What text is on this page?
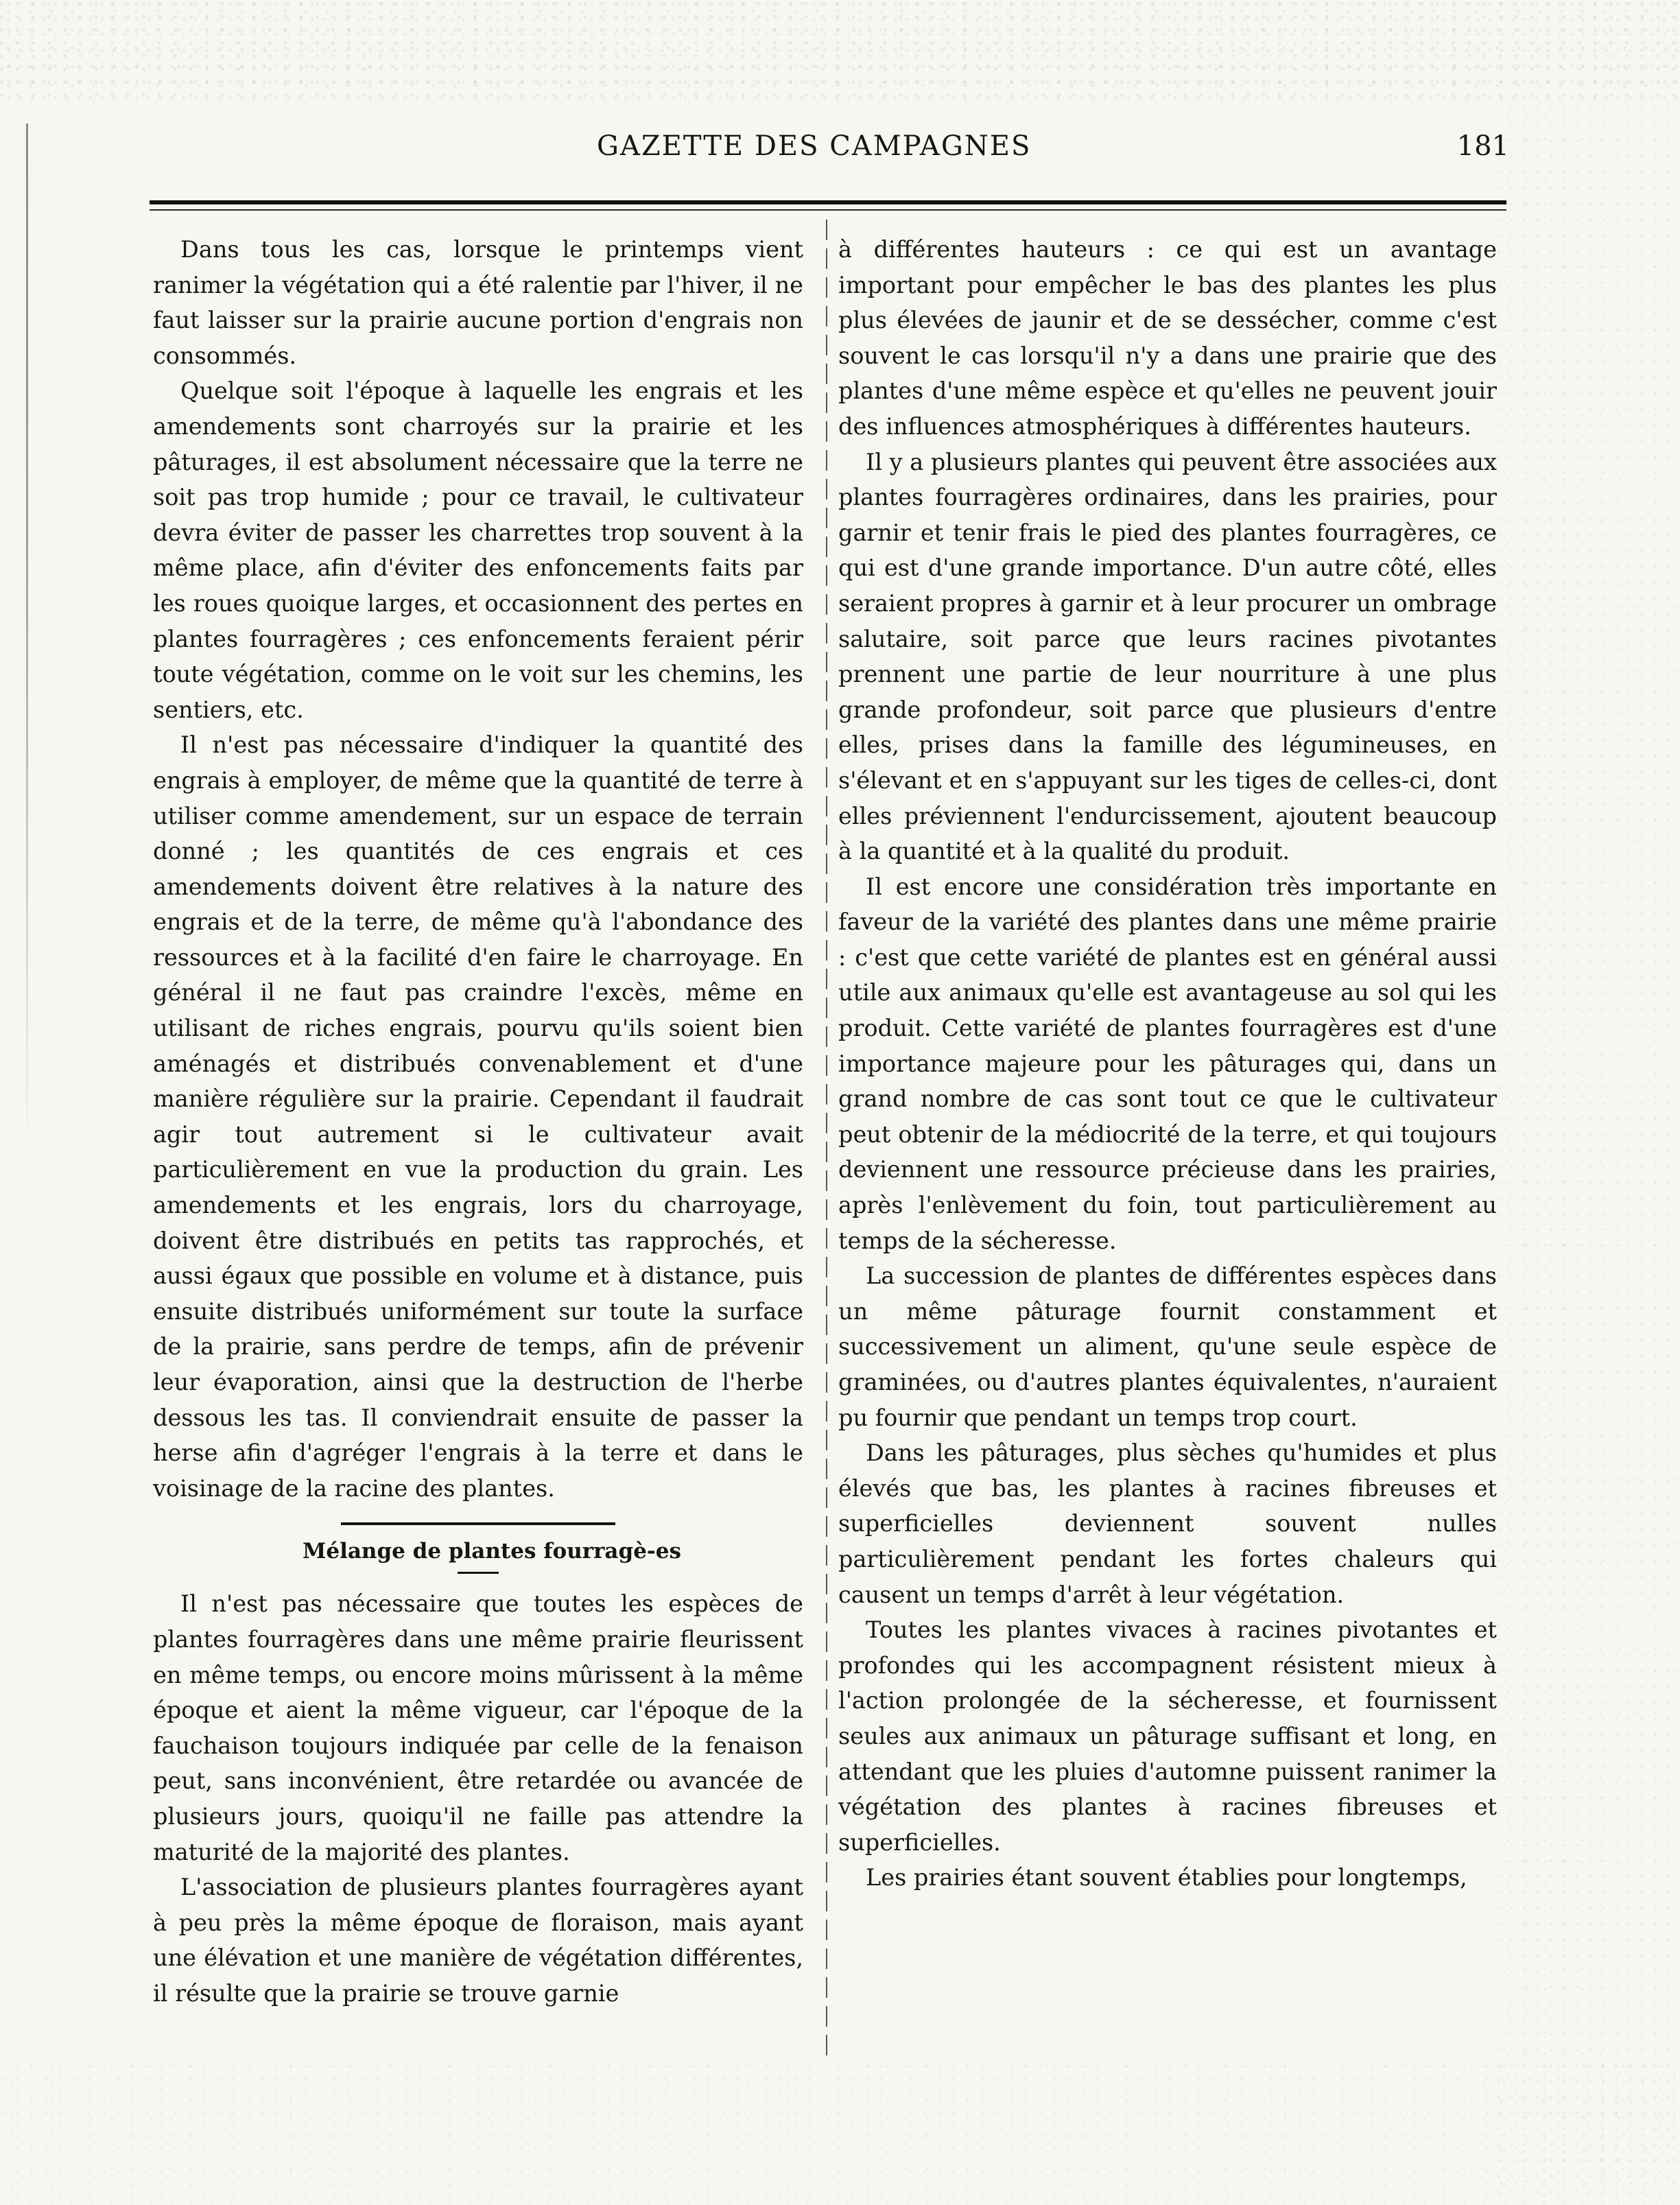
GAZETTE DES CAMPAGNES	181

Dans tous les cas, lorsque le printemps vient ranimer la végétation qui a été ralentie par l'hiver, il ne faut laisser sur la prairie aucune portion d'engrais non consommés.

Quelque soit l'époque à laquelle les engrais et les amendements sont charroyés sur la prairie et les pâturages, il est absolument nécessaire que la terre ne soit pas trop humide ; pour ce travail, le cultivateur devra éviter de passer les charrettes trop souvent à la même place, afin d'éviter des enfoncements faits par les roues quoique larges, et occasionnent des pertes en plantes fourragères ; ces enfoncements feraient périr toute végétation, comme on le voit sur les chemins, les sentiers, etc.

Il n'est pas nécessaire d'indiquer la quantité des engrais à employer, de même que la quantité de terre à utiliser comme amendement, sur un espace de terrain donné ; les quantités de ces engrais et ces amendements doivent être relatives à la nature des engrais et de la terre, de même qu'à l'abondance des ressources et à la facilité d'en faire le charroyage. En général il ne faut pas craindre l'excès, même en utilisant de riches engrais, pourvu qu'ils soient bien aménagés et distribués convenablement et d'une manière régulière sur la prairie. Cependant il faudrait agir tout autrement si le cultivateur avait particulièrement en vue la production du grain. Les amendements et les engrais, lors du charroyage, doivent être distribués en petits tas rapprochés, et aussi égaux que possible en volume et à distance, puis ensuite distribués uniformément sur toute la surface de la prairie, sans perdre de temps, afin de prévenir leur évaporation, ainsi que la destruction de l'herbe dessous les tas. Il conviendrait ensuite de passer la herse afin d'agréger l'engrais à la terre et dans le voisinage de la racine des plantes.

Mélange de plantes fourragè-es

Il n'est pas nécessaire que toutes les espèces de plantes fourragères dans une même prairie fleurissent en même temps, ou encore moins mûrissent à la même époque et aient la même vigueur, car l'époque de la fauchaison toujours indiquée par celle de la fenaison peut, sans inconvénient, être retardée ou avancée de plusieurs jours, quoiqu'il ne faille pas attendre la maturité de la majorité des plantes.

L'association de plusieurs plantes fourragères ayant à peu près la même époque de floraison, mais ayant une élévation et une manière de végétation différentes, il résulte que la prairie se trouve garnie

à différentes hauteurs : ce qui est un avantage important pour empêcher le bas des plantes les plus plus élevées de jaunir et de se dessécher, comme c'est souvent le cas lorsqu'il n'y a dans une prairie que des plantes d'une même espèce et qu'elles ne peuvent jouir des influences atmosphériques à différentes hauteurs.

Il y a plusieurs plantes qui peuvent être associées aux plantes fourragères ordinaires, dans les prairies, pour garnir et tenir frais le pied des plantes fourragères, ce qui est d'une grande importance. D'un autre côté, elles seraient propres à garnir et à leur procurer un ombrage salutaire, soit parce que leurs racines pivotantes prennent une partie de leur nourriture à une plus grande profondeur, soit parce que plusieurs d'entre elles, prises dans la famille des légumineuses, en s'élevant et en s'appuyant sur les tiges de celles-ci, dont elles préviennent l'endurcissement, ajoutent beaucoup à la quantité et à la qualité du produit.

Il est encore une considération très importante en faveur de la variété des plantes dans une même prairie : c'est que cette variété de plantes est en général aussi utile aux animaux qu'elle est avantageuse au sol qui les produit. Cette variété de plantes fourragères est d'une importance majeure pour les pâturages qui, dans un grand nombre de cas sont tout ce que le cultivateur peut obtenir de la médiocrité de la terre, et qui toujours deviennent une ressource précieuse dans les prairies, après l'enlèvement du foin, tout particulièrement au temps de la sécheresse.

La succession de plantes de différentes espèces dans un même pâturage fournit constamment et successivement un aliment, qu'une seule espèce de graminées, ou d'autres plantes équivalentes, n'auraient pu fournir que pendant un temps trop court.

Dans les pâturages, plus sèches qu'humides et plus élevés que bas, les plantes à racines fibreuses et superficielles deviennent souvent nulles particulièrement pendant les fortes chaleurs qui causent un temps d'arrêt à leur végétation.

Toutes les plantes vivaces à racines pivotantes et profondes qui les accompagnent résistent mieux à l'action prolongée de la sécheresse, et fournissent seules aux animaux un pâturage suffisant et long, en attendant que les pluies d'automne puissent ranimer la végétation des plantes à racines fibreuses et superficielles.

Les prairies étant souvent établies pour longtemps,
